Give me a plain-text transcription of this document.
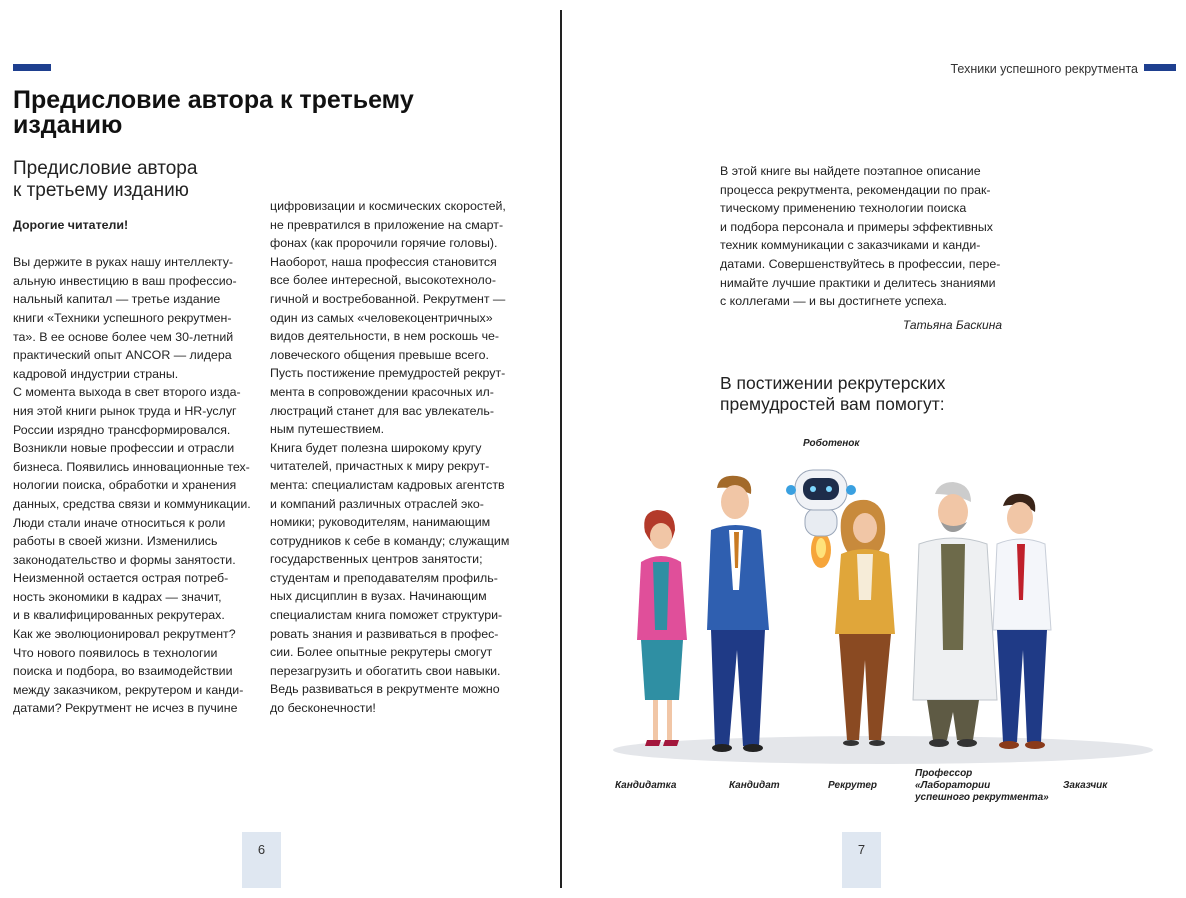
Предисловие автора к третьему изданию
Предисловие автора
к третьему изданию

Дорогие читатели!

Вы держите в руках нашу интеллекту-

альную инвестицию в ваш профессио-

нальный капитал — третье издание

книги «Техники успешного рекрутмен-

та». В ее основе более чем 30-летний

практический опыт ANCOR — лидера

кадровой индустрии страны.

С момента выхода в свет второго изда-

ния этой книги рынок труда и HR-услуг

России изрядно трансформировался.

Возникли новые профессии и отрасли

бизнеса. Появились инновационные тех-

нологии поиска, обработки и хранения

данных, средства связи и коммуникации.

Люди стали иначе относиться к роли

работы в своей жизни. Изменились

законодательство и формы занятости.

Неизменной остается острая потреб-

ность экономики в кадрах — значит,

и в квалифицированных рекрутерах.

Как же эволюционировал рекрутмент?

Что нового появилось в технологии

поиска и подбора, во взаимодействии

между заказчиком, рекрутером и канди-

датами? Рекрутмент не исчез в пучине

цифровизации и космических скоростей,

не превратился в приложение на смарт-

фонах (как пророчили горячие головы).

Наоборот, наша профессия становится

все более интересной, высокотехноло-

гичной и востребованной. Рекрутмент —

один из самых «человекоцентричных»

видов деятельности, в нем роскошь че-

ловеческого общения превыше всего.

Пусть постижение премудростей рекрут-

мента в сопровождении красочных ил-

люстраций станет для вас увлекатель-

ным путешествием.

Книга будет полезна широкому кругу

читателей, причастных к миру рекрут-

мента: специалистам кадровых агентств

и компаний различных отраслей эко-

номики; руководителям, нанимающим

сотрудников к себе в команду; служащим

государственных центров занятости;

студентам и преподавателям профиль-

ных дисциплин в вузах. Начинающим

специалистам книга поможет структури-

ровать знания и развиваться в профес-

сии. Более опытные рекрутеры смогут

перезагрузить и обогатить свои навыки.

Ведь развиваться в рекрутменте можно

до бесконечности!

6
Техники успешного рекрутмента

В этой книге вы найдете поэтапное описание

процесса рекрутмента, рекомендации по прак-

тическому применению технологии поиска

и подбора персонала и примеры эффективных

техник коммуникации с заказчиками и канди-

датами. Совершенствуйтесь в профессии, пере-

нимайте лучшие практики и делитесь знаниями

с коллегами — и вы достигнете успеха.

Татьяна Баскина
В постижении рекрутерских
премудростей вам помогут:
Роботенок
Кандидатка	Кандидат	Рекрутер
Профессор
«Лаборатории
успешного рекрутмента»
Заказчик
7
